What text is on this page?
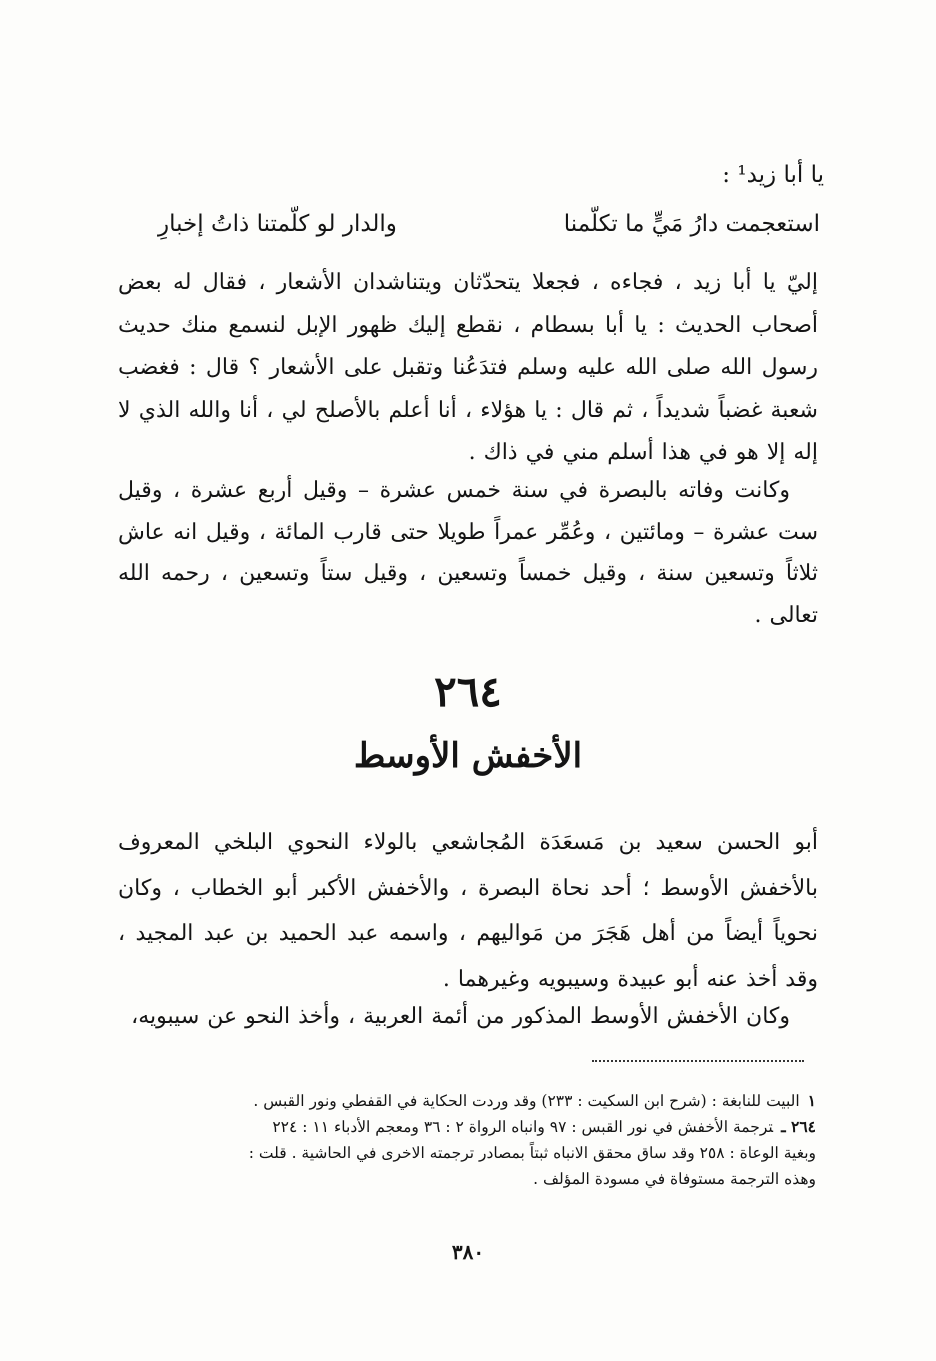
يا أبا زيد¹ :
استعجمت دارُ مَيٍّ ما تكلّمنا
والدار لو كلّمتنا ذاتُ إخبارِ

إليّ يا أبا زيد ، فجاءه ، فجعلا يتحدّثان ويتناشدان الأشعار ، فقال له بعض أصحاب الحديث : يا أبا بسطام ، نقطع إليك ظهور الإبل لنسمع منك حديث رسول الله صلى الله عليه وسلم فتدَعُنا وتقبل على الأشعار ؟ قال : فغضب شعبة غضباً شديداً ، ثم قال : يا هؤلاء ، أنا أعلم بالأصلح لي ، أنا والله الذي لا إله إلا هو في هذا أسلم مني في ذاك .

وكانت وفاته بالبصرة في سنة خمس عشرة – وقيل أربع عشرة ، وقيل ست عشرة – ومائتين ، وعُمِّر عمراً طويلا حتى قارب المائة ، وقيل انه عاش ثلاثاً وتسعين سنة ، وقيل خمساً وتسعين ، وقيل ستاً وتسعين ، رحمه الله تعالى .

٢٦٤
الأخفش الأوسط

أبو الحسن سعيد بن مَسعَدَة المُجاشعي بالولاء النحوي البلخي المعروف بالأخفش الأوسط ؛ أحد نحاة البصرة ، والأخفش الأكبر أبو الخطاب ، وكان نحوياً أيضاً من أهل هَجَرَ من مَواليهم ، واسمه عبد الحميد بن عبد المجيد ، وقد أخذ عنه أبو عبيدة وسيبويه وغيرهما .

وكان الأخفش الأوسط المذكور من أئمة العربية ، وأخذ النحو عن سيبويه،

١البيت للنابغة : (شرح ابن السكيت : ٢٣٣) وقد وردت الحكاية في القفطي ونور القبس .
٢٦٤ ـترجمة الأخفش في نور القبس : ٩٧ وانباه الرواة ٢ : ٣٦ ومعجم الأدباء ١١ : ٢٢٤
وبغية الوعاة : ٢٥٨ وقد ساق محقق الانباه ثبتاً بمصادر ترجمته الاخرى في الحاشية . قلت :
وهذه الترجمة مستوفاة في مسودة المؤلف .
٣٨٠
